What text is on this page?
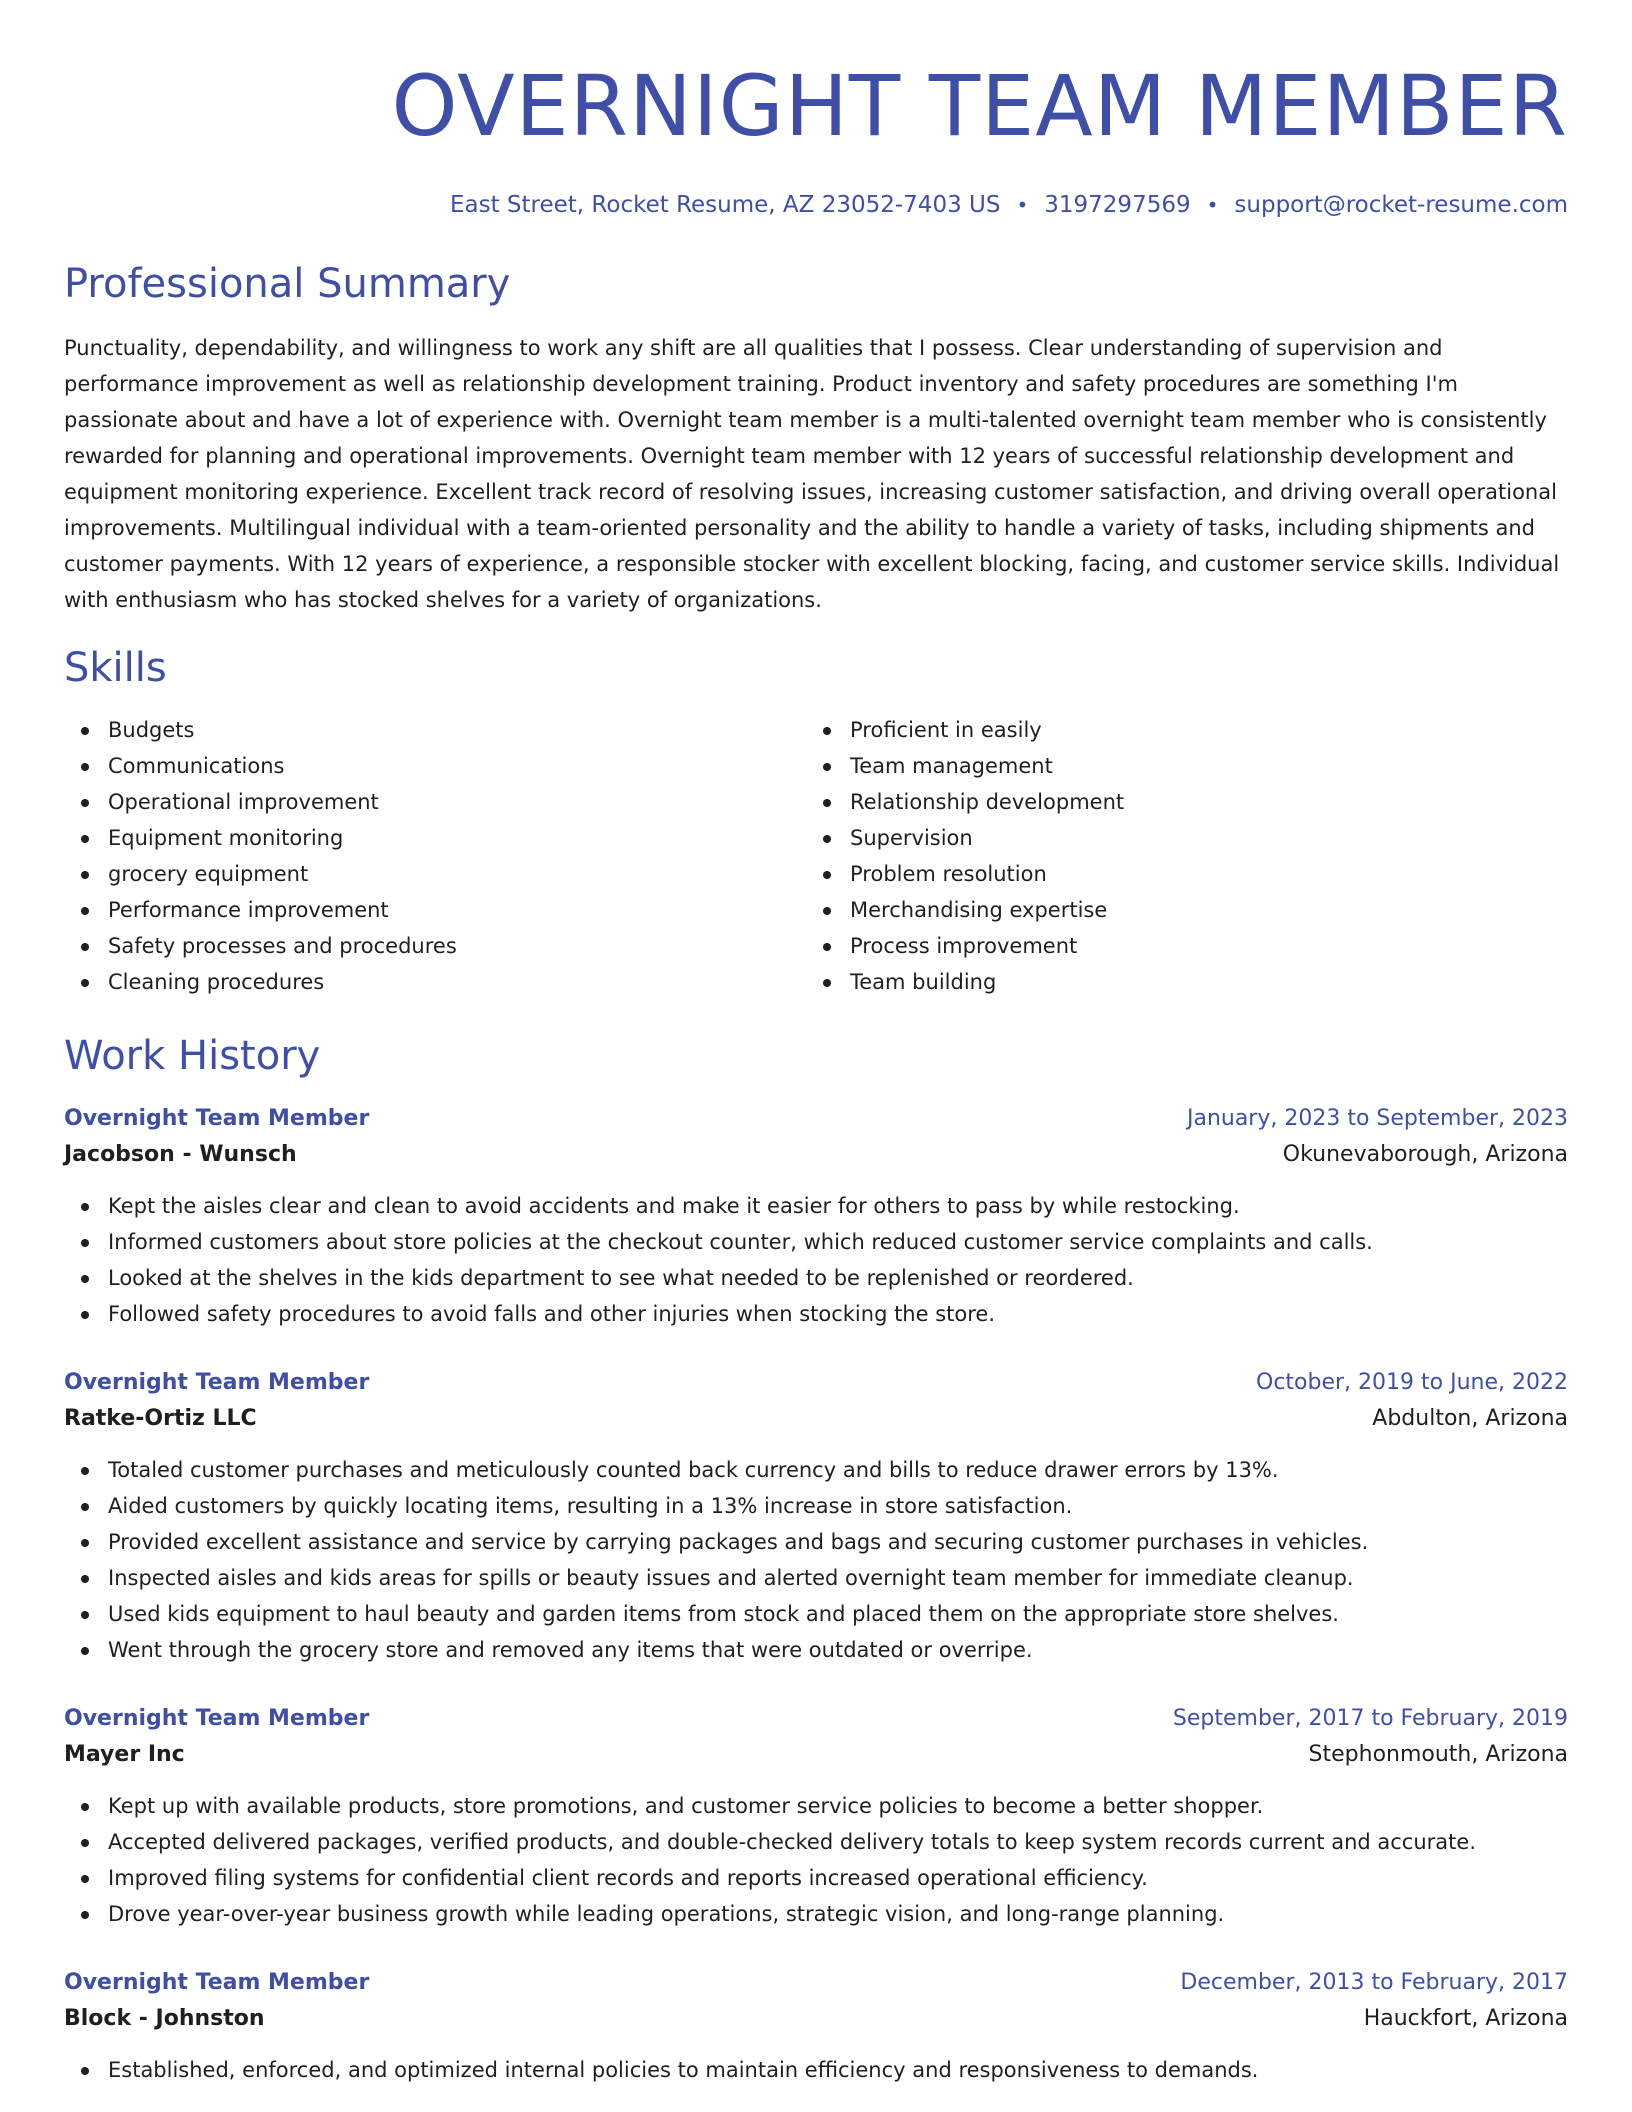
OVERNIGHT TEAM MEMBER
East Street, Rocket Resume, AZ 23052-7403 US • 3197297569 • support@rocket-resume.com
Professional Summary

Punctuality, dependability, and willingness to work any shift are all qualities that I possess. Clear understanding of supervision and performance improvement as well as relationship development training. Product inventory and safety procedures are something I'm passionate about and have a lot of experience with. Overnight team member is a multi-talented overnight team member who is consistently rewarded for planning and operational improvements. Overnight team member with 12 years of successful relationship development and equipment monitoring experience. Excellent track record of resolving issues, increasing customer satisfaction, and driving overall operational improvements. Multilingual individual with a team-oriented personality and the ability to handle a variety of tasks, including shipments and customer payments. With 12 years of experience, a responsible stocker with excellent blocking, facing, and customer service skills. Individual with enthusiasm who has stocked shelves for a variety of organizations.

Skills
Budgets
Communications
Operational improvement
Equipment monitoring
grocery equipment
Performance improvement
Safety processes and procedures
Cleaning procedures
Proficient in easily
Team management
Relationship development
Supervision
Problem resolution
Merchandising expertise
Process improvement
Team building
Work History
Overnight Team Member	January, 2023 to September, 2023
Jacobson - Wunsch	Okunevaborough, Arizona
Kept the aisles clear and clean to avoid accidents and make it easier for others to pass by while restocking.
Informed customers about store policies at the checkout counter, which reduced customer service complaints and calls.
Looked at the shelves in the kids department to see what needed to be replenished or reordered.
Followed safety procedures to avoid falls and other injuries when stocking the store.
Overnight Team Member	October, 2019 to June, 2022
Ratke-Ortiz LLC	Abdulton, Arizona
Totaled customer purchases and meticulously counted back currency and bills to reduce drawer errors by 13%.
Aided customers by quickly locating items, resulting in a 13% increase in store satisfaction.
Provided excellent assistance and service by carrying packages and bags and securing customer purchases in vehicles.
Inspected aisles and kids areas for spills or beauty issues and alerted overnight team member for immediate cleanup.
Used kids equipment to haul beauty and garden items from stock and placed them on the appropriate store shelves.
Went through the grocery store and removed any items that were outdated or overripe.
Overnight Team Member	September, 2017 to February, 2019
Mayer Inc	Stephonmouth, Arizona
Kept up with available products, store promotions, and customer service policies to become a better shopper.
Accepted delivered packages, verified products, and double-checked delivery totals to keep system records current and accurate.
Improved filing systems for confidential client records and reports increased operational efficiency.
Drove year-over-year business growth while leading operations, strategic vision, and long-range planning.
Overnight Team Member	December, 2013 to February, 2017
Block - Johnston	Hauckfort, Arizona
Established, enforced, and optimized internal policies to maintain efficiency and responsiveness to demands.
